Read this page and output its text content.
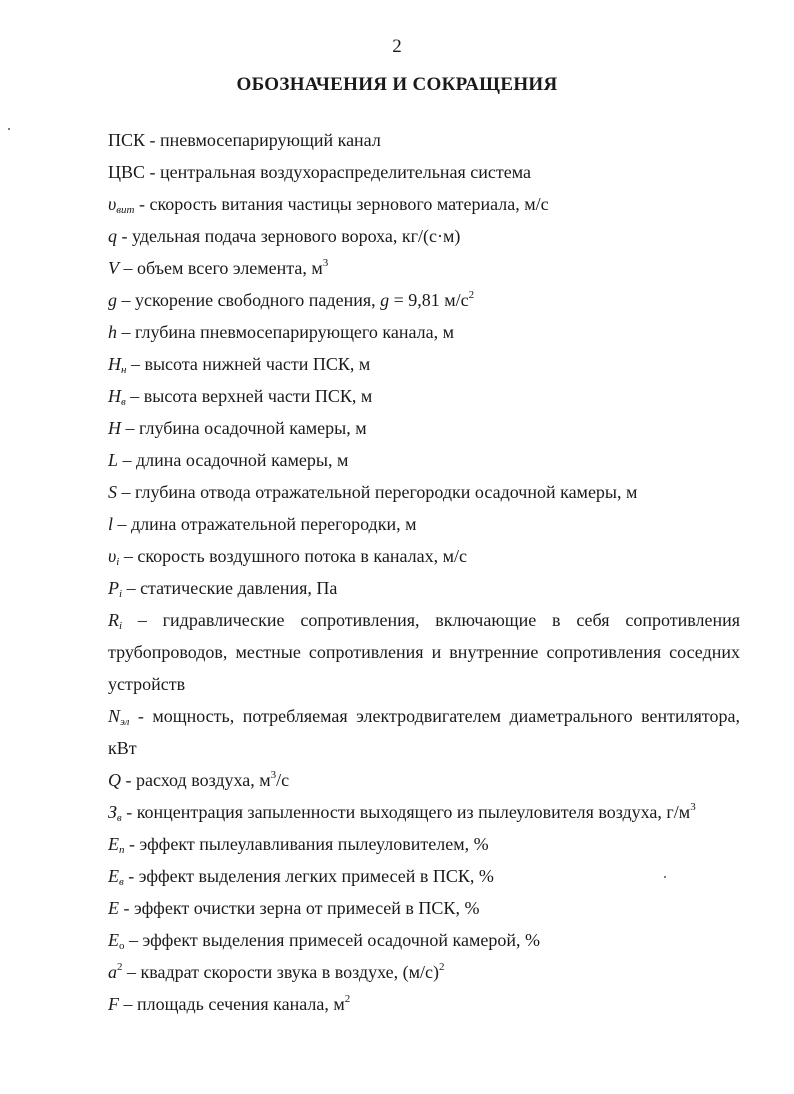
2
ОБОЗНАЧЕНИЯ И СОКРАЩЕНИЯ
ПСК - пневмосепарирующий канал
ЦВС - центральная воздухораспределительная система
$\upsilon_{вит}$ - скорость витания частицы зернового материала, м/с
q - удельная подача зернового вороха, кг/(с·м)
V – объем всего элемента, $м^3$
g – ускорение свободного падения, g = 9,81 $м/с^2$
h – глубина пневмосепарирующего канала, м
$H_н$ – высота нижней части ПСК, м
$H_в$ – высота верхней части ПСК, м
H – глубина осадочной камеры, м
L – длина осадочной камеры, м
S – глубина отвода отражательной перегородки осадочной камеры, м
l – длина отражательной перегородки, м
$\upsilon_i$ – скорость воздушного потока в каналах, м/с
$P_i$ – статические давления, Па
$R_i$ – гидравлические сопротивления, включающие в себя сопротивления трубопроводов, местные сопротивления и внутренние сопротивления соседних устройств
$N_{эл}$ - мощность, потребляемая электродвигателем диаметрального вентилятора, кВт
Q - расход воздуха, $м^3/с$
$З_в$ - концентрация запыленности выходящего из пылеуловителя воздуха, $г/м^3$
$E_п$ - эффект пылеулавливания пылеуловителем, %
$E_в$ - эффект выделения легких примесей в ПСК, %
E - эффект очистки зерна от примесей в ПСК, %
$E_о$ – эффект выделения примесей осадочной камерой, %
$a^2$ – квадрат скорости звука в воздухе, $(м/с)^2$
F – площадь сечения канала, $м^2$
